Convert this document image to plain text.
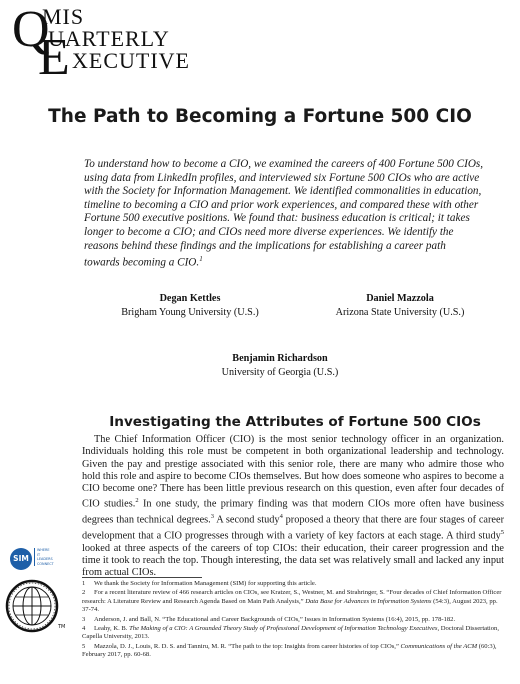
Q
E
MIS
UARTERLY
XECUTIVE
The Path to Becoming a Fortune 500 CIO
To understand how to become a CIO, we examined the careers of 400 Fortune 500 CIOs, using data from LinkedIn profiles, and interviewed six Fortune 500 CIOs who are active with the Society for Information Management. We identified commonalities in education, timeline to becoming a CIO and prior work experiences, and compared these with other Fortune 500 executive positions. We found that: business education is critical; it takes longer to become a CIO; and CIOs need more diverse experiences. We identify the reasons behind these findings and the implications for establishing a career path towards becoming a CIO.$^1$
Degan Kettles
Brigham Young University (U.S.)
Daniel Mazzola
Arizona State University (U.S.)
Benjamin Richardson
University of Georgia (U.S.)
Investigating the Attributes of Fortune 500 CIOs

The Chief Information Officer (CIO) is the most senior technology officer in an organization. Individuals holding this role must be competent in both organizational leadership and technology. Given the pay and prestige associated with this senior role, there are many who admire those who hold this role and aspire to become CIOs themselves. But how does someone who aspires to become a CIO become one? There has been little previous research on this question, even after four decades of CIO studies.$^2$ In one study, the primary finding was that modern CIOs more often have business degrees than technical degrees.$^3$ A second study$^4$ proposed a theory that there are four stages of career development that a CIO progresses through with a variety of key factors at each stage. A third study$^5$ looked at three aspects of the careers of top CIOs: their education, their career progression and the time it took to reach the top. Though interesting, the data set was relatively small and lacked any input from actual CIOs.

1 We thank the Society for Information Management (SIM) for supporting this article.
2 For a recent literature review of 466 research articles on CIOs, see Kratzer, S., Westner, M. and Strahringer, S. “Four decades of Chief Information Officer research: A Literature Review and Research Agenda Based on Main Path Analysis,” Data Base for Advances in Information Systems (54:3), August 2023, pp. 37-74.
3 Anderson, J. and Ball, N. “The Educational and Career Backgrounds of CIOs,” Issues in Information Systems (16:4), 2015, pp. 178-182.
4 Leahy, K. B. The Making of a CIO: A Grounded Theory Study of Professional Development of Information Technology Executives, Doctoral Dissertation, Capella University, 2013.
5 Mazzola, D. J., Louis, R. D. S. and Tanniru, M. R. “The path to the top: Insights from career histories of top CIOs,” Communications of the ACM (60:3), February 2017, pp. 60-68.
SIM
WHERE
IT
LEADERS
CONNECT
TM
